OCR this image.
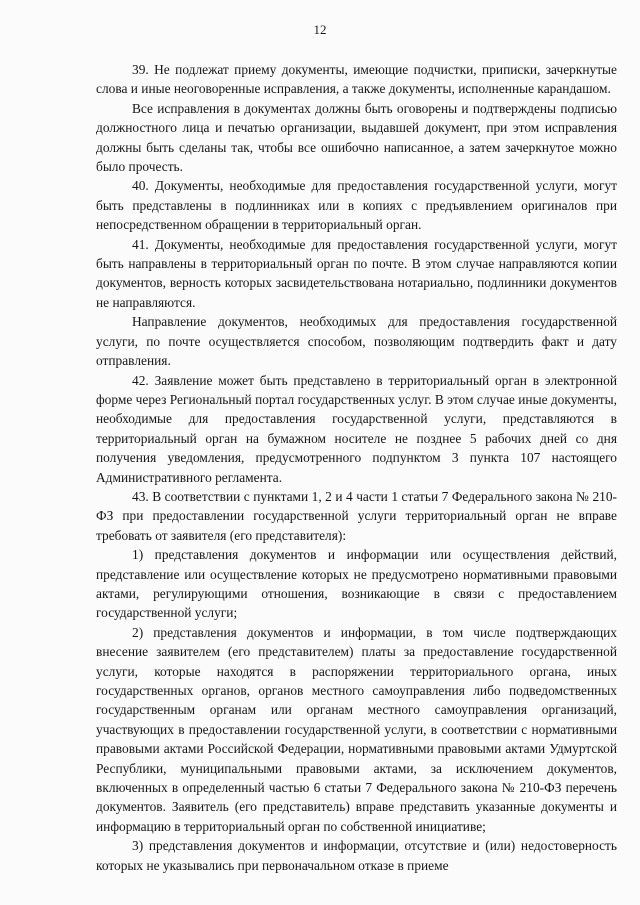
12

39. Не подлежат приему документы, имеющие подчистки, приписки, зачеркнутые слова и иные неоговоренные исправления, а также документы, исполненные карандашом.

Все исправления в документах должны быть оговорены и подтверждены подписью должностного лица и печатью организации, выдавшей документ, при этом исправления должны быть сделаны так, чтобы все ошибочно написанное, а затем зачеркнутое можно было прочесть.

40. Документы, необходимые для предоставления государственной услуги, могут быть представлены в подлинниках или в копиях с предъявлением оригиналов при непосредственном обращении в территориальный орган.

41. Документы, необходимые для предоставления государственной услуги, могут быть направлены в территориальный орган по почте. В этом случае направляются копии документов, верность которых засвидетельствована нотариально, подлинники документов не направляются.

Направление документов, необходимых для предоставления государственной услуги, по почте осуществляется способом, позволяющим подтвердить факт и дату отправления.

42. Заявление может быть представлено в территориальный орган в электронной форме через Региональный портал государственных услуг. В этом случае иные документы, необходимые для предоставления государственной услуги, представляются в территориальный орган на бумажном носителе не позднее 5 рабочих дней со дня получения уведомления, предусмотренного подпунктом 3 пункта 107 настоящего Административного регламента.

43. В соответствии с пунктами 1, 2 и 4 части 1 статьи 7 Федерального закона № 210-ФЗ при предоставлении государственной услуги территориальный орган не вправе требовать от заявителя (его представителя):

1) представления документов и информации или осуществления действий, представление или осуществление которых не предусмотрено нормативными правовыми актами, регулирующими отношения, возникающие в связи с предоставлением государственной услуги;

2) представления документов и информации, в том числе подтверждающих внесение заявителем (его представителем) платы за предоставление государственной услуги, которые находятся в распоряжении территориального органа, иных государственных органов, органов местного самоуправления либо подведомственных государственным органам или органам местного самоуправления организаций, участвующих в предоставлении государственной услуги, в соответствии с нормативными правовыми актами Российской Федерации, нормативными правовыми актами Удмуртской Республики, муниципальными правовыми актами, за исключением документов, включенных в определенный частью 6 статьи 7 Федерального закона № 210-ФЗ перечень документов. Заявитель (его представитель) вправе представить указанные документы и информацию в территориальный орган по собственной инициативе;

3) представления документов и информации, отсутствие и (или) недостоверность которых не указывались при первоначальном отказе в приеме
